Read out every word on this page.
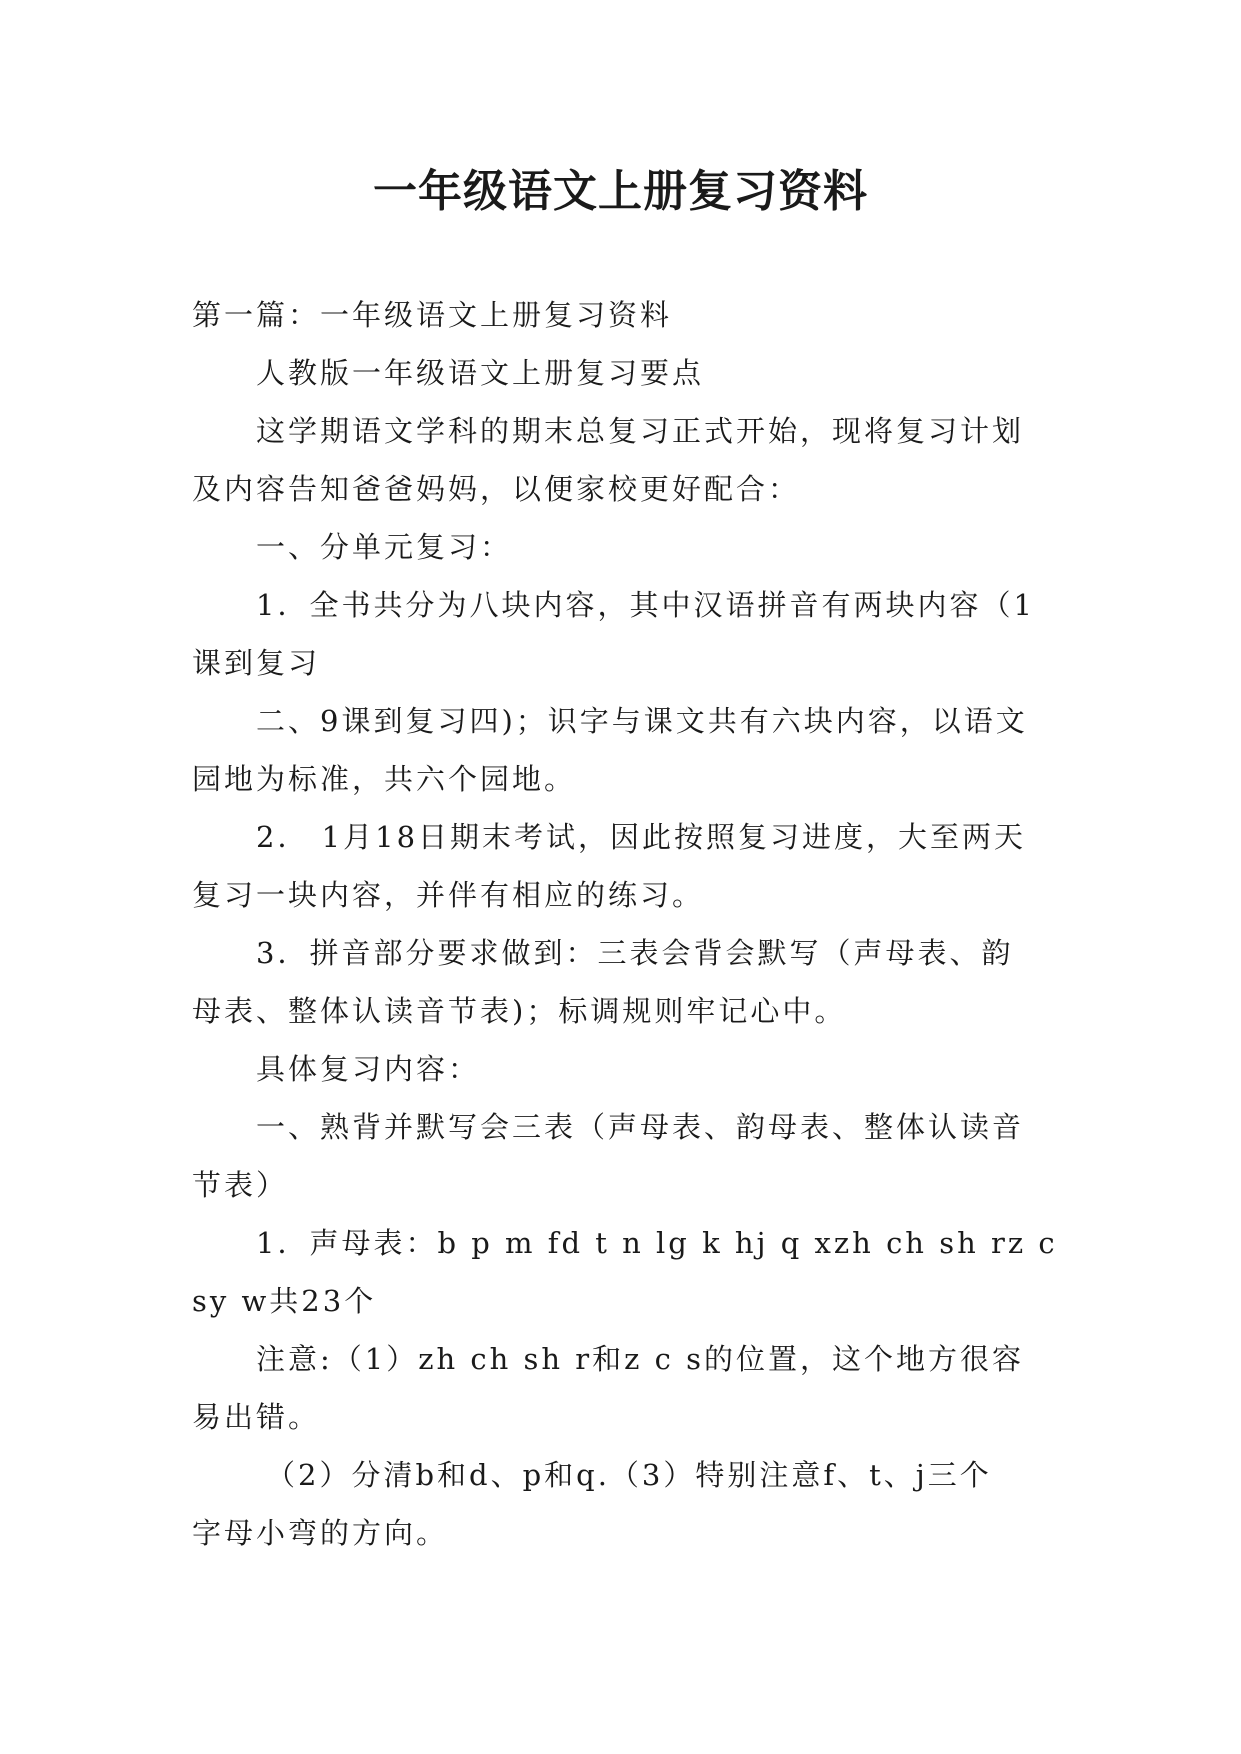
一年级语文上册复习资料

第一篇：一年级语文上册复习资料

人教版一年级语文上册复习要点

这学期语文学科的期末总复习正式开始，现将复习计划

及内容告知爸爸妈妈，以便家校更好配合：

一、分单元复习：

1．全书共分为八块内容，其中汉语拼音有两块内容（1

课到复习

二、9课到复习四)；识字与课文共有六块内容，以语文

园地为标准，共六个园地。

2． 1月18日期末考试，因此按照复习进度，大至两天

复习一块内容，并伴有相应的练习。

3．拼音部分要求做到：三表会背会默写（声母表、韵

母表、整体认读音节表)；标调规则牢记心中。

具体复习内容：

一、熟背并默写会三表（声母表、韵母表、整体认读音

节表）

1．声母表：b p m fd t n lg k hj q xzh ch sh rz c

sy w共23个

注意:（1）zh ch sh r和z c s的位置，这个地方很容

易出错。

（2）分清b和d、p和q.（3）特别注意f、t、j三个

字母小弯的方向。
